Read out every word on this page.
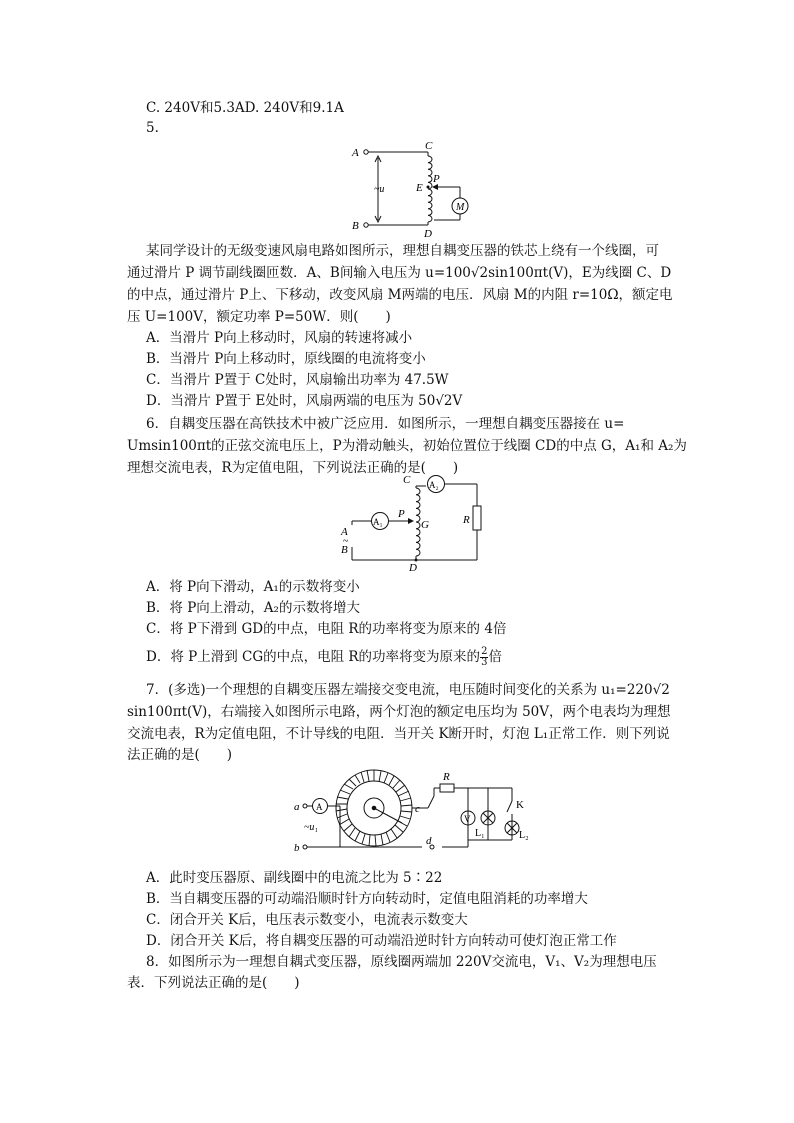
C. 240V和5.3AD. 240V和9.1A
5.
A
B
C
D
E
P
~u
M
某同学设计的无级变速风扇电路如图所示，理想自耦变压器的铁芯上绕有一个线圈，可
通过滑片 P 调节副线圈匝数．A、B间输入电压为 u=100√2sin100πt(V)，E为线圈 C、D
的中点，通过滑片 P上、下移动，改变风扇 M两端的电压．风扇 M的内阻 r=10Ω，额定电
压 U=100V，额定功率 P=50W．则(　　)
A．当滑片 P向上移动时，风扇的转速将减小
B．当滑片 P向上移动时，原线圈的电流将变小
C．当滑片 P置于 C处时，风扇输出功率为 47.5W
D．当滑片 P置于 E处时，风扇两端的电压为 50√2V
6．自耦变压器在高铁技术中被广泛应用．如图所示，一理想自耦变压器接在 u=
Umsin100πt的正弦交流电压上，P为滑动触头，初始位置位于线圈 CD的中点 G，A₁和 A₂为
理想交流电表，R为定值电阻，下列说法正确的是(　　)
C
D
P
G	R
A
~
B
A₁
A₂
A．将 P向下滑动，A₁的示数将变小
B．将 P向上滑动，A₂的示数将增大
C．将 P下滑到 GD的中点，电阻 R的功率将变为原来的 4倍
D．将 P上滑到 CG的中点，电阻 R的功率将变为原来的 $\frac{2}{3}$ 倍
7．(多选)一个理想的自耦变压器左端接交变电流，电压随时间变化的关系为 u₁=220√2
sin100πt(V)，右端接入如图所示电路，两个灯泡的额定电压均为 50V，两个电表均为理想
交流电表，R为定值电阻，不计导线的电阻．当开关 K断开时，灯泡 L₁正常工作．则下列说
法正确的是(　　)
a
b
A
~u₁
c
d
R
V
L₁
K
L₂
A．此时变压器原、副线圈中的电流之比为 5∶22
B．当自耦变压器的可动端沿顺时针方向转动时，定值电阻消耗的功率增大
C．闭合开关 K后，电压表示数变小，电流表示数变大
D．闭合开关 K后，将自耦变压器的可动端沿逆时针方向转动可使灯泡正常工作
8．如图所示为一理想自耦式变压器，原线圈两端加 220V交流电，V₁、V₂为理想电压
表．下列说法正确的是(　　)
